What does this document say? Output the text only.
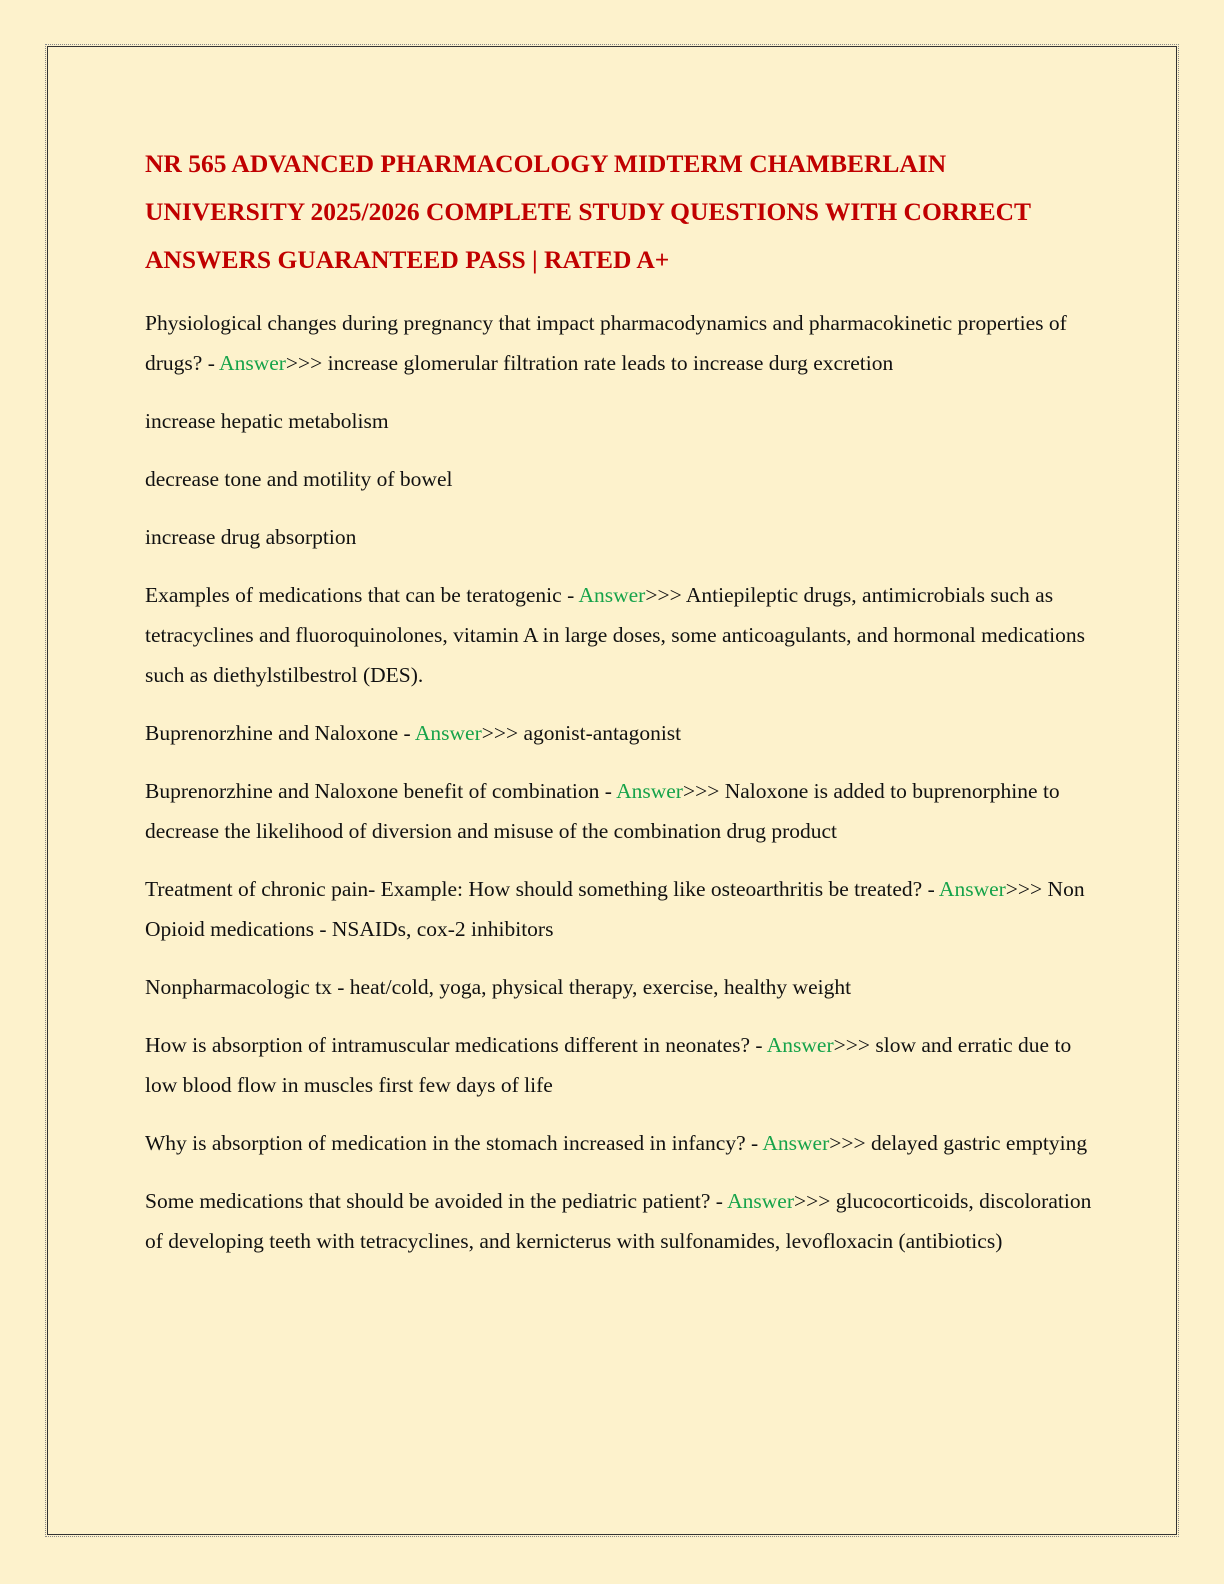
NR 565 ADVANCED PHARMACOLOGY MIDTERM CHAMBERLAIN UNIVERSITY 2025/2026 COMPLETE STUDY QUESTIONS WITH CORRECT ANSWERS GUARANTEED PASS | RATED A+

Physiological changes during pregnancy that impact pharmacodynamics and pharmacokinetic properties of drugs? - Answer>>> increase glomerular filtration rate leads to increase durg excretion

increase hepatic metabolism

decrease tone and motility of bowel

increase drug absorption

Examples of medications that can be teratogenic - Answer>>> Antiepileptic drugs, antimicrobials such as tetracyclines and fluoroquinolones, vitamin A in large doses, some anticoagulants, and hormonal medications such as diethylstilbestrol (DES).

Buprenorzhine and Naloxone - Answer>>> agonist-antagonist

Buprenorzhine and Naloxone benefit of combination - Answer>>> Naloxone is added to buprenorphine to decrease the likelihood of diversion and misuse of the combination drug product

Treatment of chronic pain- Example: How should something like osteoarthritis be treated? - Answer>>> Non Opioid medications - NSAIDs, cox-2 inhibitors

Nonpharmacologic tx - heat/cold, yoga, physical therapy, exercise, healthy weight

How is absorption of intramuscular medications different in neonates? - Answer>>> slow and erratic due to low blood flow in muscles first few days of life

Why is absorption of medication in the stomach increased in infancy? - Answer>>> delayed gastric emptying

Some medications that should be avoided in the pediatric patient? - Answer>>> glucocorticoids, discoloration of developing teeth with tetracyclines, and kernicterus with sulfonamides, levofloxacin (antibiotics)
